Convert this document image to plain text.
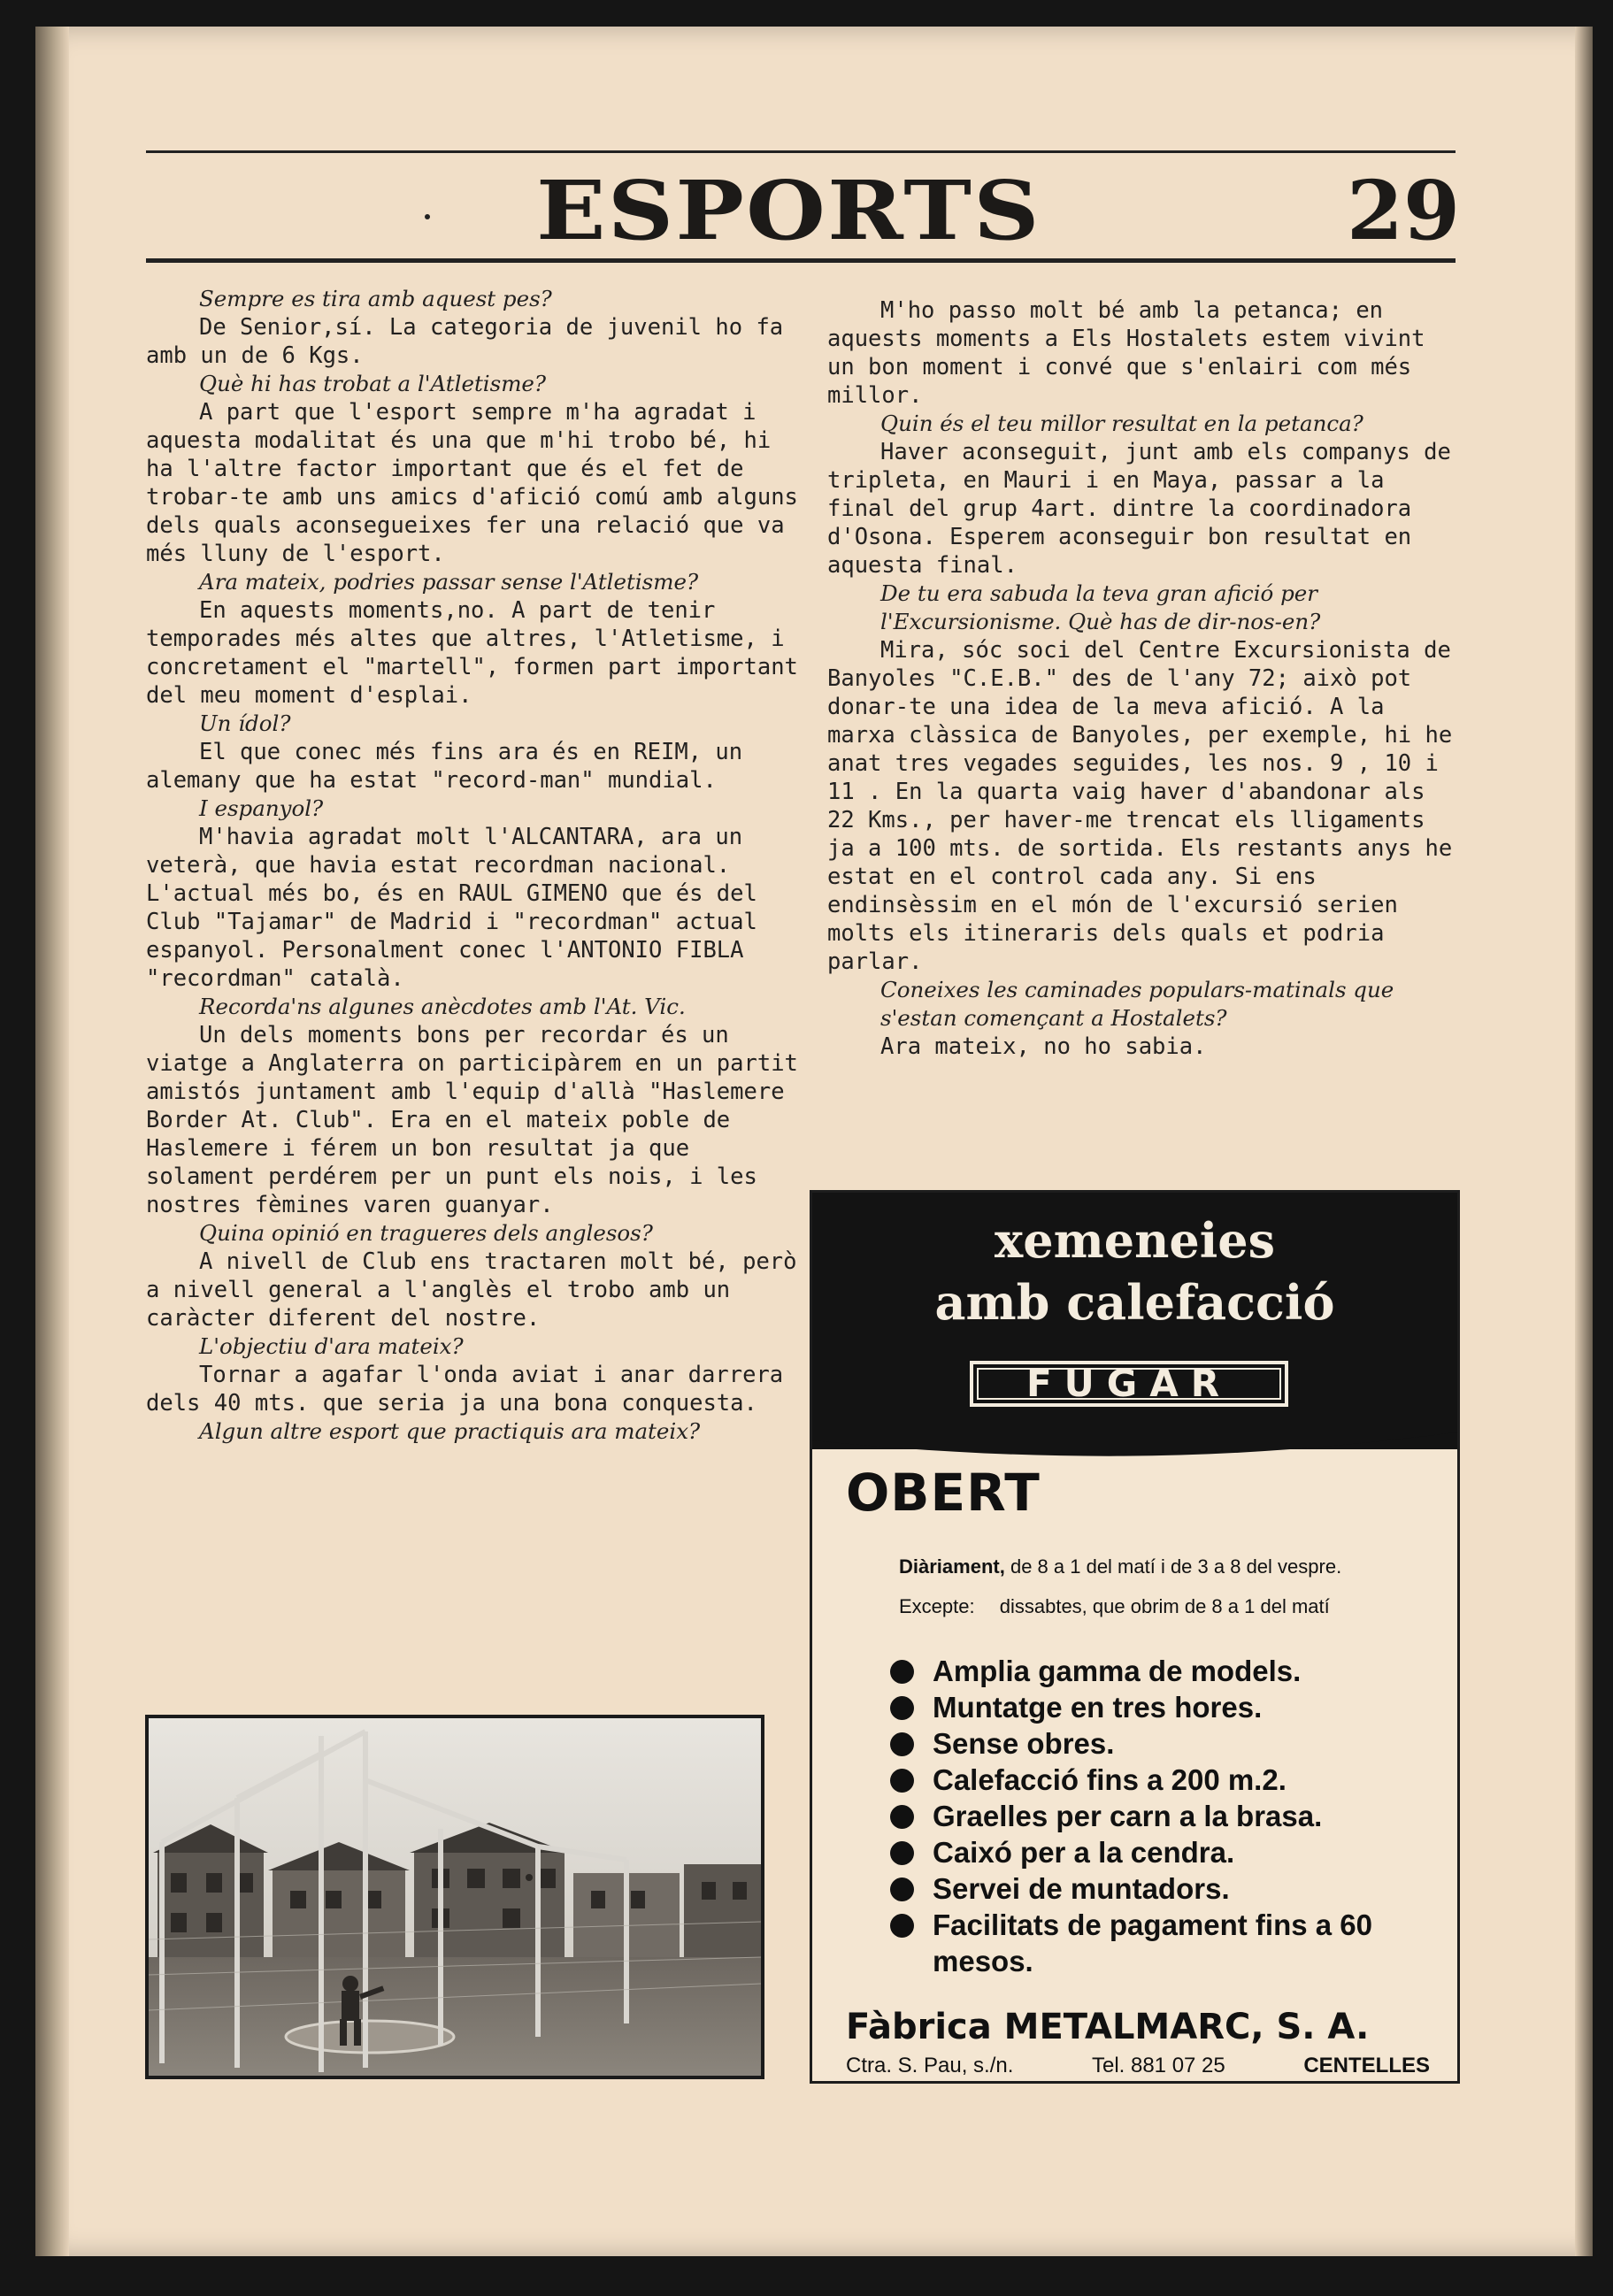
ESPORTS	29

Sempre es tira amb aquest pes?

De Senior,sí. La categoria de juvenil ho fa amb un de 6 Kgs.

Què hi has trobat a l'Atletisme?

A part que l'esport sempre m'ha agradat i aquesta modalitat és una que m'hi trobo bé, hi ha l'altre factor important que és el fet de trobar-te amb uns amics d'afició comú amb alguns dels quals aconsegueixes fer una relació que va més lluny de l'esport.

Ara mateix, podries passar sense l'Atletisme?

En aquests moments,no. A part de tenir temporades més altes que altres, l'Atletisme, i concretament el "martell", formen part important del meu moment d'esplai.

Un ídol?

El que conec més fins ara és en REIM, un alemany que ha estat "record-man" mundial.

I espanyol?

M'havia agradat molt l'ALCANTARA, ara un veterà, que havia estat recordman nacional. L'actual més bo, és en RAUL GIMENO que és del Club "Tajamar" de Madrid i "recordman" actual espanyol. Personalment conec l'ANTONIO FIBLA "recordman" català.

Recorda'ns algunes anècdotes amb l'At. Vic.

Un dels moments bons per recordar és un viatge a Anglaterra on participàrem en un partit amistós juntament amb l'equip d'allà "Haslemere Border At. Club". Era en el mateix poble de Haslemere i férem un bon resultat ja que solament perdérem per un punt els nois, i les nostres fèmines varen guanyar.

Quina opinió en tragueres dels anglesos?

A nivell de Club ens tractaren molt bé, però a nivell general a l'anglès el trobo amb un caràcter diferent del nostre.

L'objectiu d'ara mateix?

Tornar a agafar l'onda aviat i anar darrera dels 40 mts. que seria ja una bona conquesta.

Algun altre esport que practiquis ara mateix?

M'ho passo molt bé amb la petanca; en aquests moments a Els Hostalets estem vivint un bon moment i convé que s'enlairi com més millor.

Quin és el teu millor resultat en la petanca?

Haver aconseguit, junt amb els companys de tripleta, en Mauri i en Maya, passar a la final del grup 4art. dintre la coordinadora d'Osona. Esperem aconseguir bon resultat en aquesta final.

De tu era sabuda la teva gran afició per l'Excursionisme. Què has de dir-nos-en?

Mira, sóc soci del Centre Excursionista de Banyoles "C.E.B." des de l'any 72; això pot donar-te una idea de la meva afició. A la marxa clàssica de Banyoles, per exemple, hi he anat tres vegades seguides, les nos. 9 , 10 i 11 . En la quarta vaig haver d'abandonar als 22 Kms., per haver-me trencat els lligaments ja a 100 mts. de sortida. Els restants anys he estat en el control cada any. Si ens endinsèssim en el món de l'excursió serien molts els itineraris dels quals et podria parlar.

Coneixes les caminades populars-matinals que s'estan començant a Hostalets?

Ara mateix, no ho sabia.

xemeneies
amb calefacció
FUGAR
OBERT
Diàriament, de 8 a 1 del matí i de 3 a 8 del vespre.
Excepte: dissabtes, que obrim de 8 a 1 del matí
Amplia gamma de models.
Muntatge en tres hores.
Sense obres.
Calefacció fins a 200 m.2.
Graelles per carn a la brasa.
Caixó per a la cendra.
Servei de muntadors.
Facilitats de pagament fins a 60 mesos.
Fàbrica METALMARC, S. A.
Ctra. S. Pau, s./n.	Tel. 881 07 25	CENTELLES
